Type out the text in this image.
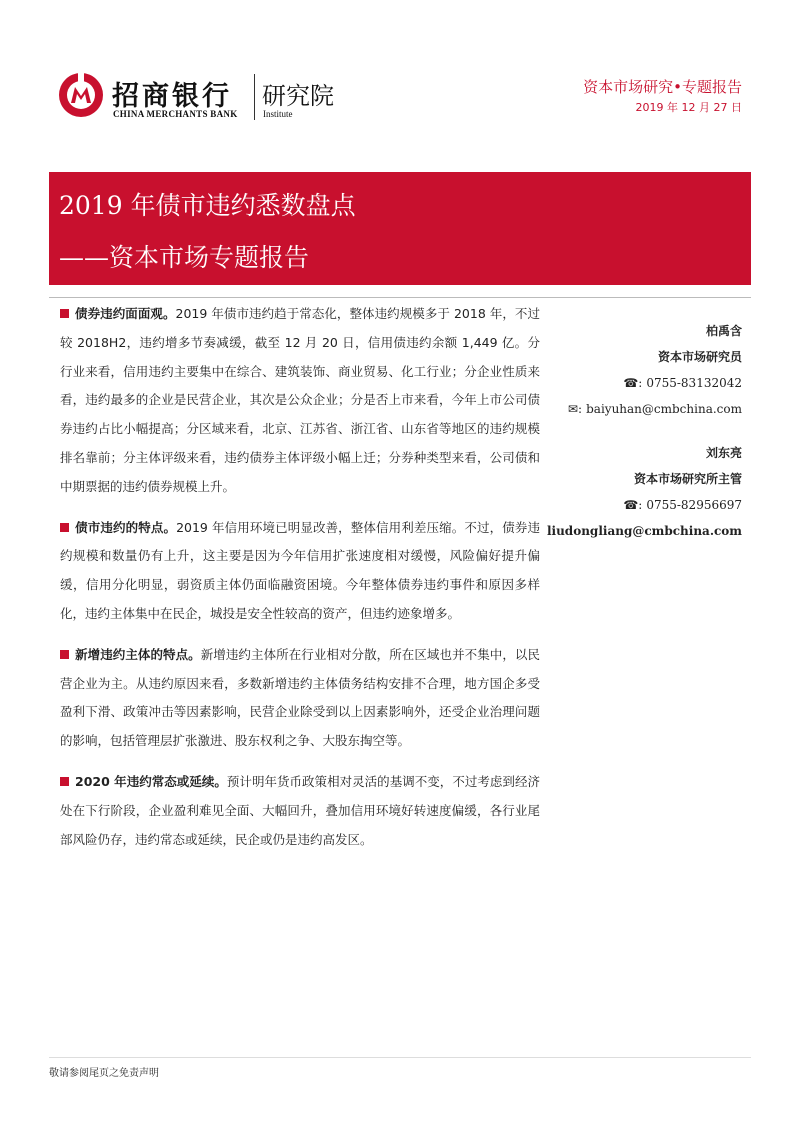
招商银行
CHINA MERCHANTS BANK
研究院
Institute
资本市场研究•专题报告
2019 年 12 月 27 日
2019 年债市违约悉数盘点
——资本市场专题报告

债券违约面面观。2019 年债市违约趋于常态化，整体违约规模多于 2018 年，不过较 2018H2，违约增多节奏减缓，截至 12 月 20 日，信用债违约余额 1,449 亿。分行业来看，信用违约主要集中在综合、建筑装饰、商业贸易、化工行业；分企业性质来看，违约最多的企业是民营企业，其次是公众企业；分是否上市来看，今年上市公司债券违约占比小幅提高；分区域来看，北京、江苏省、浙江省、山东省等地区的违约规模排名靠前；分主体评级来看，违约债券主体评级小幅上迁；分券种类型来看，公司债和中期票据的违约债券规模上升。

债市违约的特点。2019 年信用环境已明显改善，整体信用利差压缩。不过，债券违约规模和数量仍有上升，这主要是因为今年信用扩张速度相对缓慢，风险偏好提升偏缓，信用分化明显，弱资质主体仍面临融资困境。今年整体债券违约事件和原因多样化，违约主体集中在民企，城投是安全性较高的资产，但违约迹象增多。

新增违约主体的特点。新增违约主体所在行业相对分散，所在区域也并不集中，以民营企业为主。从违约原因来看，多数新增违约主体债务结构安排不合理，地方国企多受盈利下滑、政策冲击等因素影响，民营企业除受到以上因素影响外，还受企业治理问题的影响，包括管理层扩张激进、股东权利之争、大股东掏空等。

2020 年违约常态或延续。预计明年货币政策相对灵活的基调不变，不过考虑到经济处在下行阶段，企业盈利难见全面、大幅回升，叠加信用环境好转速度偏缓，各行业尾部风险仍存，违约常态或延续，民企或仍是违约高发区。

柏禹含
资本市场研究员
☎: 0755-83132042
✉: baiyuhan@cmbchina.com
刘东亮
资本市场研究所主管
☎: 0755-82956697
liudongliang@cmbchina.com
敬请参阅尾页之免责声明
